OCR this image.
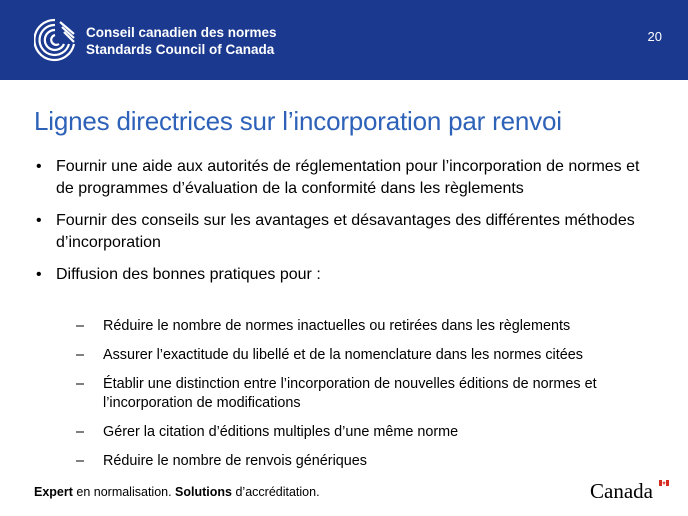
Conseil canadien des normes
Standards Council of Canada
20
Lignes directrices sur l’incorporation par renvoi
• Fournir une aide aux autorités de réglementation pour l’incorporation de normes et de programmes d’évaluation de la conformité dans les règlements
• Fournir des conseils sur les avantages et désavantages des différentes méthodes d’incorporation
• Diffusion des bonnes pratiques pour :
– Réduire le nombre de normes inactuelles ou retirées dans les règlements
– Assurer l’exactitude du libellé et de la nomenclature dans les normes citées
– Établir une distinction entre l’incorporation de nouvelles éditions de normes et l’incorporation de modifications
– Gérer la citation d’éditions multiples d’une même norme
– Réduire le nombre de renvois génériques
Expert en normalisation. Solutions d’accréditation.	Canada
